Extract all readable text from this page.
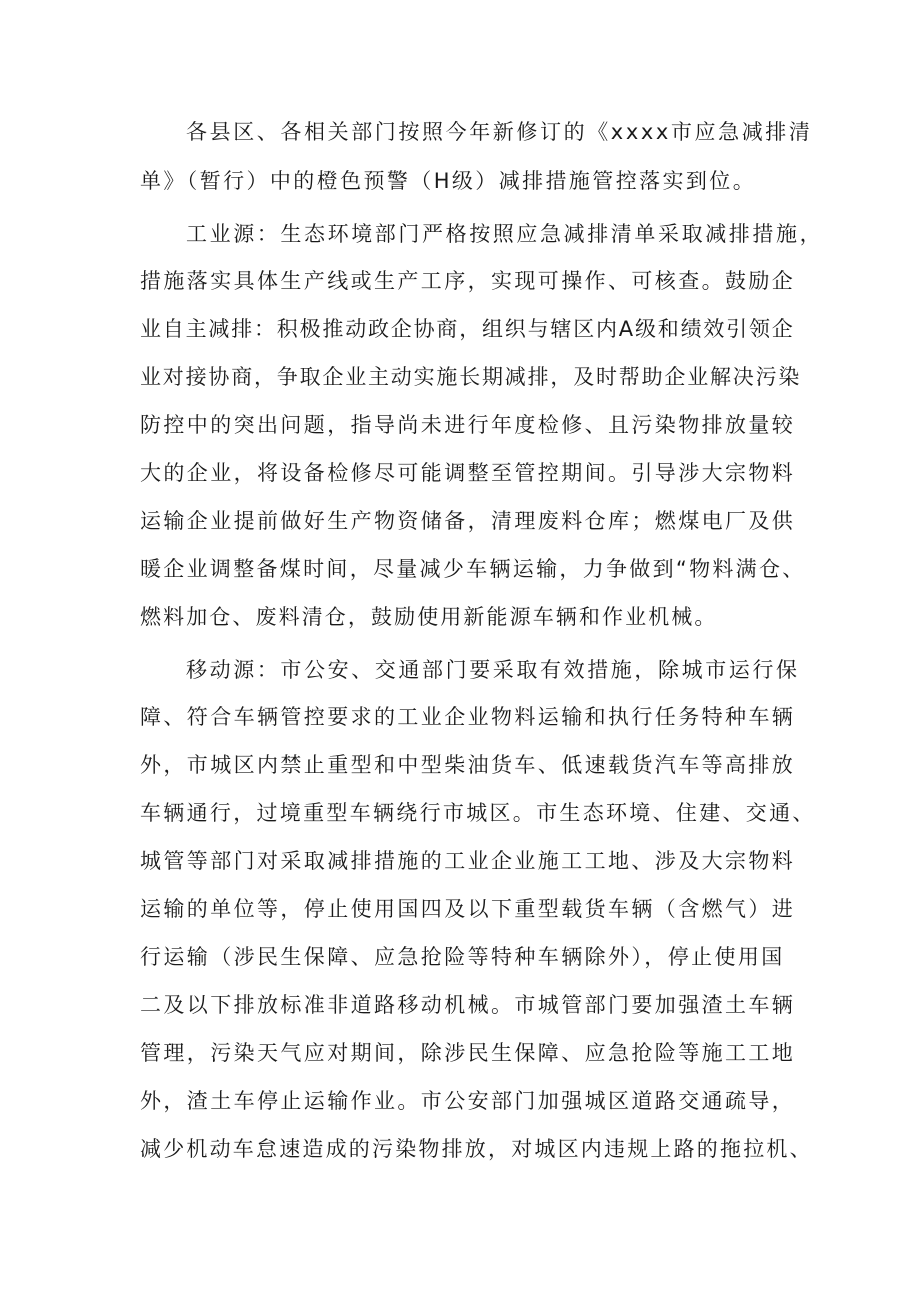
各县区、各相关部门按照今年新修订的《xxxx市应急减排清
单》（暂行）中的橙色预警（H级）减排措施管控落实到位。
工业源：生态环境部门严格按照应急减排清单采取减排措施，
措施落实具体生产线或生产工序，实现可操作、可核查。鼓励企
业自主减排：积极推动政企协商，组织与辖区内A级和绩效引领企
业对接协商，争取企业主动实施长期减排，及时帮助企业解决污染
防控中的突出问题，指导尚未进行年度检修、且污染物排放量较
大的企业，将设备检修尽可能调整至管控期间。引导涉大宗物料
运输企业提前做好生产物资储备，清理废料仓库；燃煤电厂及供
暖企业调整备煤时间，尽量减少车辆运输，力争做到“物料满仓、
燃料加仓、废料清仓，鼓励使用新能源车辆和作业机械。
移动源：市公安、交通部门要采取有效措施，除城市运行保
障、符合车辆管控要求的工业企业物料运输和执行任务特种车辆
外，市城区内禁止重型和中型柴油货车、低速载货汽车等高排放
车辆通行，过境重型车辆绕行市城区。市生态环境、住建、交通、
城管等部门对采取减排措施的工业企业施工工地、涉及大宗物料
运输的单位等，停止使用国四及以下重型载货车辆（含燃气）进
行运输（涉民生保障、应急抢险等特种车辆除外），停止使用国
二及以下排放标准非道路移动机械。市城管部门要加强渣土车辆
管理，污染天气应对期间，除涉民生保障、应急抢险等施工工地
外，渣土车停止运输作业。市公安部门加强城区道路交通疏导，
减少机动车怠速造成的污染物排放，对城区内违规上路的拖拉机、
